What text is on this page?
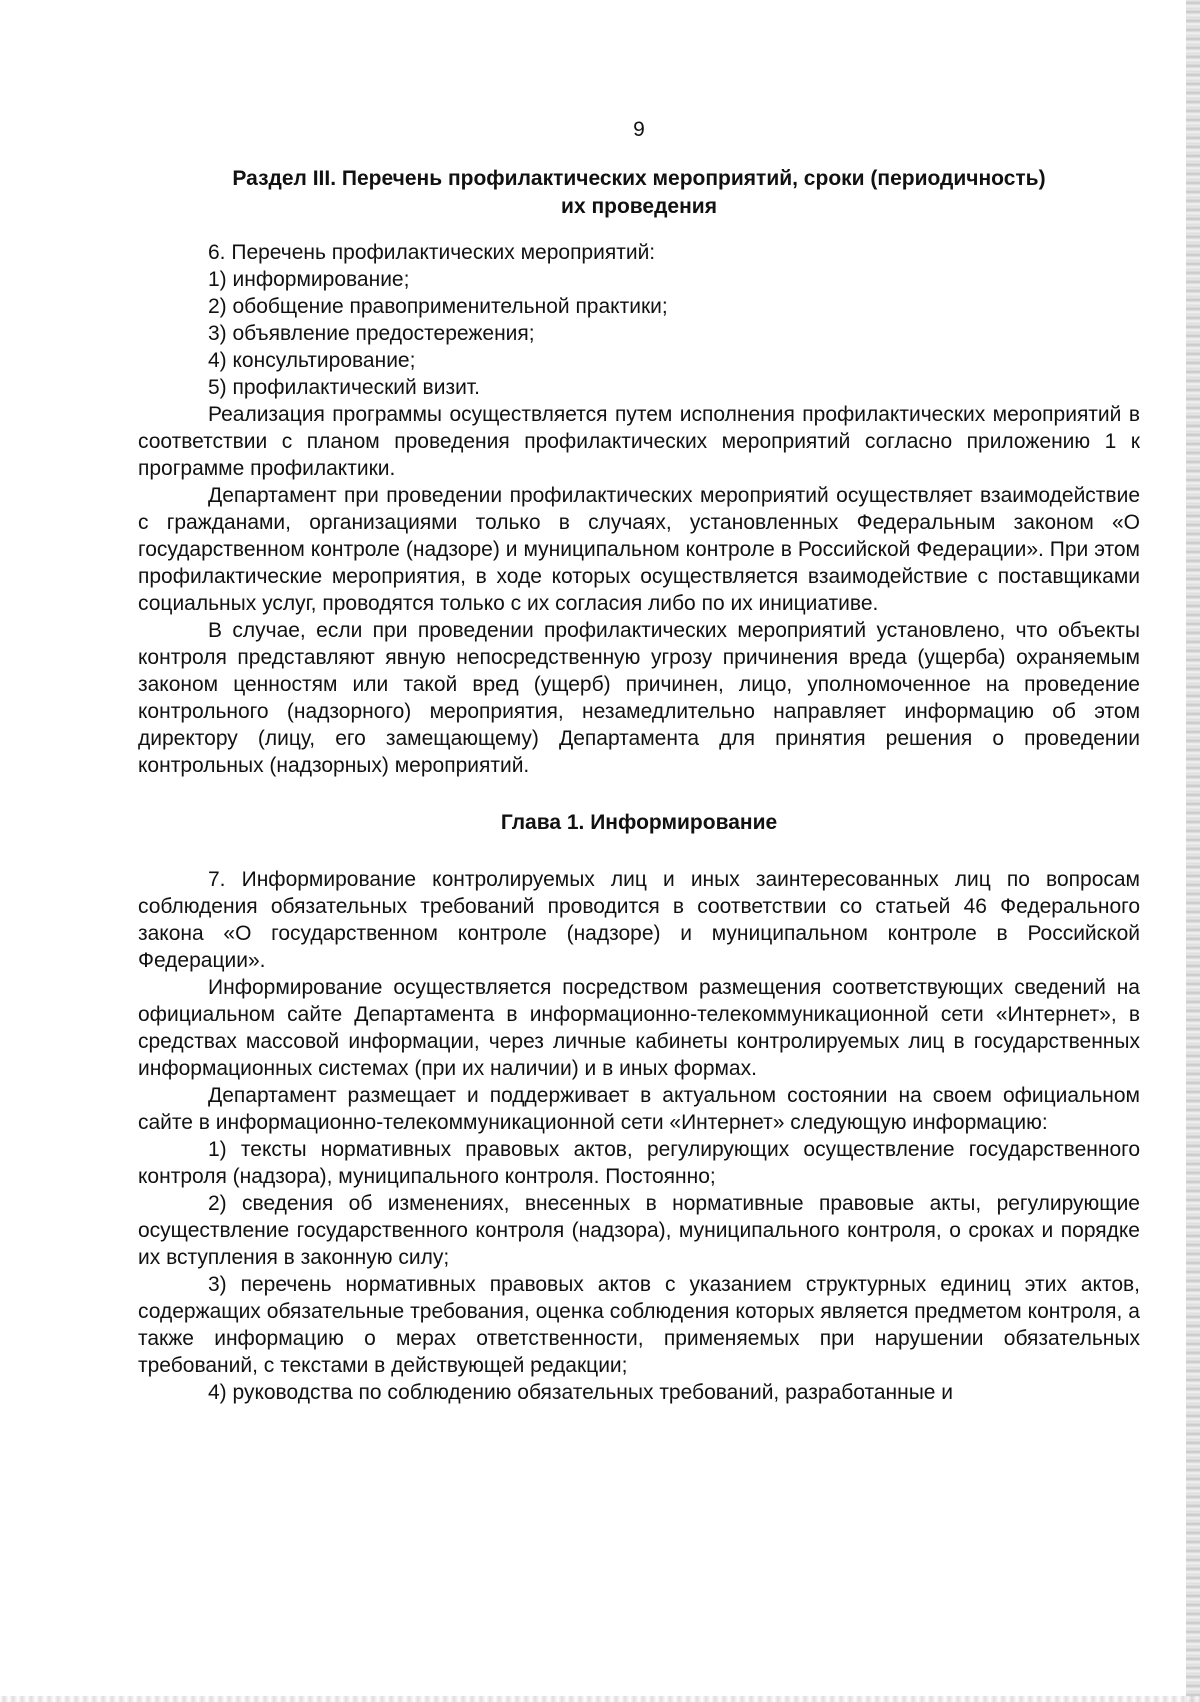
9
Раздел III. Перечень профилактических мероприятий, сроки (периодичность)
их проведения

6. Перечень профилактических мероприятий:

1) информирование;

2) обобщение правоприменительной практики;

3) объявление предостережения;

4) консультирование;

5) профилактический визит.

Реализация программы осуществляется путем исполнения профилактических мероприятий в соответствии с планом проведения профилактических мероприятий согласно приложению 1 к программе профилактики.

Департамент при проведении профилактических мероприятий осуществляет взаимодействие с гражданами, организациями только в случаях, установленных Федеральным законом «О государственном контроле (надзоре) и муниципальном контроле в Российской Федерации». При этом профилактические мероприятия, в ходе которых осуществляется взаимодействие с поставщиками социальных услуг, проводятся только с их согласия либо по их инициативе.

В случае, если при проведении профилактических мероприятий установлено, что объекты контроля представляют явную непосредственную угрозу причинения вреда (ущерба) охраняемым законом ценностям или такой вред (ущерб) причинен, лицо, уполномоченное на проведение контрольного (надзорного) мероприятия, незамедлительно направляет информацию об этом директору (лицу, его замещающему) Департамента для принятия решения о проведении контрольных (надзорных) мероприятий.

Глава 1. Информирование

7. Информирование контролируемых лиц и иных заинтересованных лиц по вопросам соблюдения обязательных требований проводится в соответствии со статьей 46 Федерального закона «О государственном контроле (надзоре) и муниципальном контроле в Российской Федерации».

Информирование осуществляется посредством размещения соответствующих сведений на официальном сайте Департамента в информационно-телекоммуникационной сети «Интернет», в средствах массовой информации, через личные кабинеты контролируемых лиц в государственных информационных системах (при их наличии) и в иных формах.

Департамент размещает и поддерживает в актуальном состоянии на своем официальном сайте в информационно-телекоммуникационной сети «Интернет» следующую информацию:

1) тексты нормативных правовых актов, регулирующих осуществление государственного контроля (надзора), муниципального контроля. Постоянно;

2) сведения об изменениях, внесенных в нормативные правовые акты, регулирующие осуществление государственного контроля (надзора), муниципального контроля, о сроках и порядке их вступления в законную силу;

3) перечень нормативных правовых актов с указанием структурных единиц этих актов, содержащих обязательные требования, оценка соблюдения которых является предметом контроля, а также информацию о мерах ответственности, применяемых при нарушении обязательных требований, с текстами в действующей редакции;

4) руководства по соблюдению обязательных требований, разработанные и
